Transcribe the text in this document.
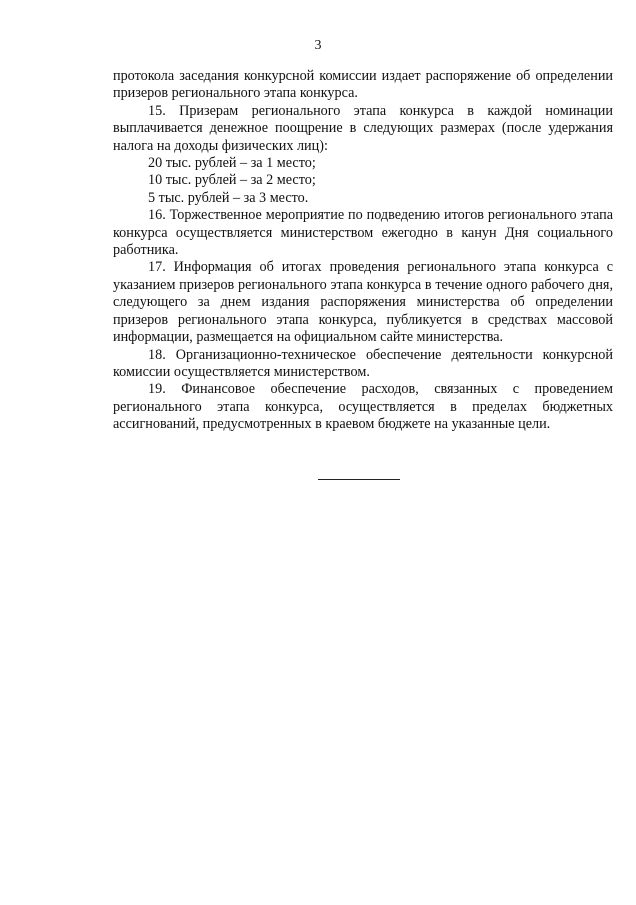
3

протокола заседания конкурсной комиссии издает распоряжение об определении призеров регионального этапа конкурса.

15. Призерам регионального этапа конкурса в каждой номинации выплачивается денежное поощрение в следующих размерах (после удержания налога на доходы физических лиц):

20 тыс. рублей – за 1 место;

10 тыс. рублей – за 2 место;

5 тыс. рублей – за 3 место.

16. Торжественное мероприятие по подведению итогов регионального этапа конкурса осуществляется министерством ежегодно в канун Дня социального работника.

17. Информация об итогах проведения регионального этапа конкурса с указанием призеров регионального этапа конкурса в течение одного рабочего дня, следующего за днем издания распоряжения министерства об определении призеров регионального этапа конкурса, публикуется в средствах массовой информации, размещается на официальном сайте министерства.

18. Организационно-техническое обеспечение деятельности конкурсной комиссии осуществляется министерством.

19. Финансовое обеспечение расходов, связанных с проведением регионального этапа конкурса, осуществляется в пределах бюджетных ассигнований, предусмотренных в краевом бюджете на указанные цели.
